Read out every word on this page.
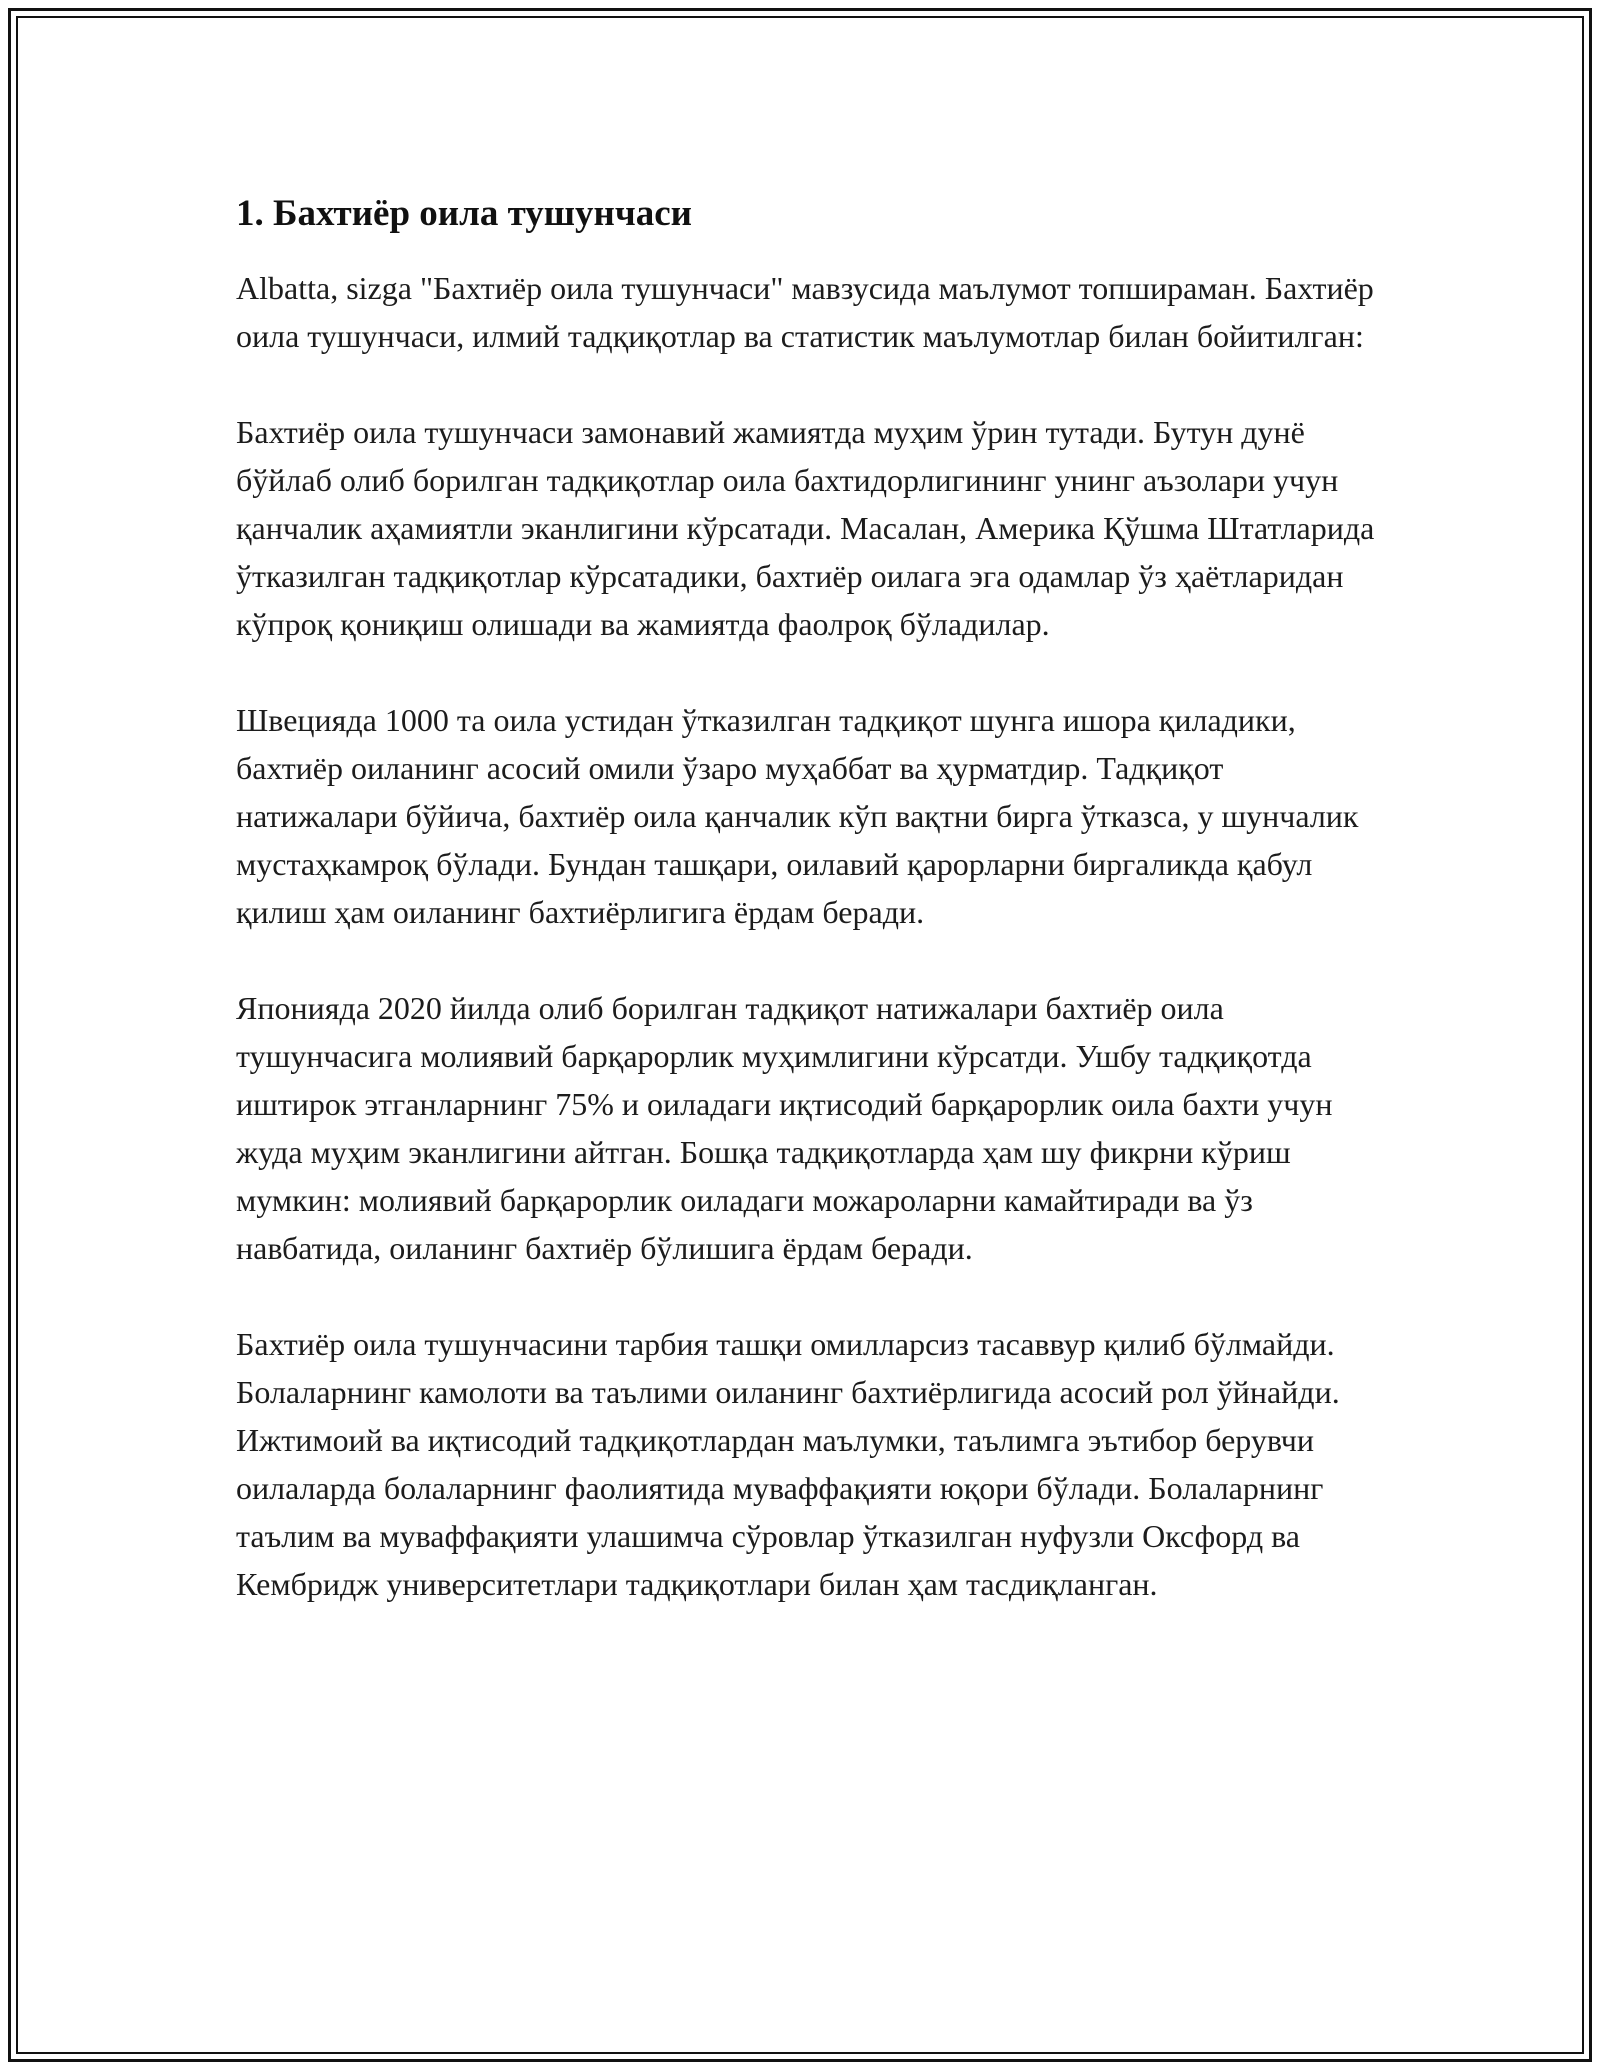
1. Бахтиёр оила тушунчаси

Albatta, sizga "Бахтиёр оила тушунчаси" мавзусида маълумот топшираман. Бахтиёр оила тушунчаси, илмий тадқиқотлар ва статистик маълумотлар билан бойитилган:

Бахтиёр оила тушунчаси замонавий жамиятда муҳим ўрин тутади. Бутун дунё бўйлаб олиб борилган тадқиқотлар оила бахтидорлигининг унинг аъзолари учун қанчалик аҳамиятли эканлигини кўрсатади. Масалан, Америка Қўшма Штатларида ўтказилган тадқиқотлар кўрсатадики, бахтиёр оилага эга одамлар ўз ҳаётларидан кўпроқ қониқиш олишади ва жамиятда фаолроқ бўладилар.

Швецияда 1000 та оила устидан ўтказилган тадқиқот шунга ишора қиладики, бахтиёр оиланинг асосий омили ўзаро муҳаббат ва ҳурматдир. Тадқиқот натижалари бўйича, бахтиёр оила қанчалик кўп вақтни бирга ўтказса, у шунчалик мустаҳкамроқ бўлади. Бундан ташқари, оилавий қарорларни биргаликда қабул қилиш ҳам оиланинг бахтиёрлигига ёрдам беради.

Японияда 2020 йилда олиб борилган тадқиқот натижалари бахтиёр оила тушунчасига молиявий барқарорлик муҳимлигини кўрсатди. Ушбу тадқиқотда иштирок этганларнинг 75% и оиладаги иқтисодий барқарорлик оила бахти учун жуда муҳим эканлигини айтган. Бошқа тадқиқотларда ҳам шу фикрни кўриш мумкин: молиявий барқарорлик оиладаги можароларни камайтиради ва ўз навбатида, оиланинг бахтиёр бўлишига ёрдам беради.

Бахтиёр оила тушунчасини тарбия ташқи омилларсиз тасаввур қилиб бўлмайди. Болаларнинг камолоти ва таълими оиланинг бахтиёрлигида асосий рол ўйнайди. Ижтимоий ва иқтисодий тадқиқотлардан маълумки, таълимга эътибор берувчи оилаларда болаларнинг фаолиятида муваффақияти юқори бўлади. Болаларнинг таълим ва муваффақияти улашимча сўровлар ўтказилган нуфузли Оксфорд ва Кембридж университетлари тадқиқотлари билан ҳам тасдиқланган.
